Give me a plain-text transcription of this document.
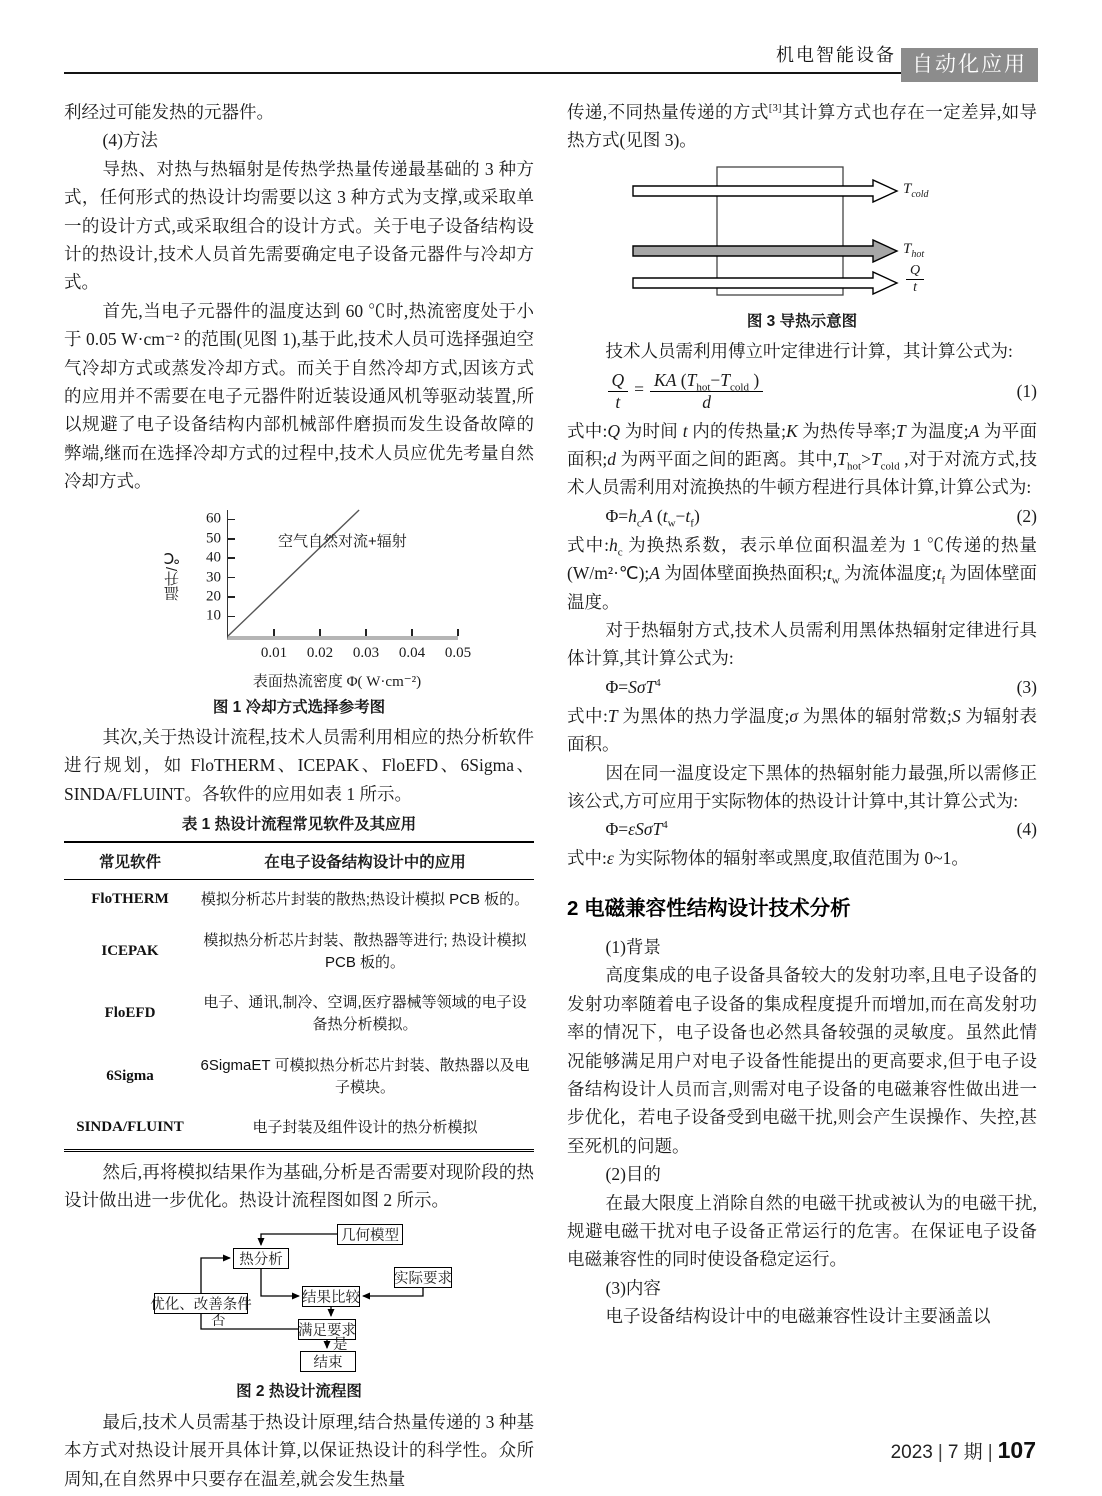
机电智能设备 自动化应用

利经过可能发热的元器件。

(4)方法

导热、对热与热辐射是传热学热量传递最基础的 3 种方式，任何形式的热设计均需要以这 3 种方式为支撑,或采取单一的设计方式,或采取组合的设计方式。关于电子设备结构设计的热设计,技术人员首先需要确定电子设备元器件与冷却方式。

首先,当电子元器件的温度达到 60 ℃时,热流密度处于小于 0.05 W·cm⁻² 的范围(见图 1),基于此,技术人员可选择强迫空气冷却方式或蒸发冷却方式。而关于自然冷却方式,因该方式的应用并不需要在电子元器件附近装设通风机等驱动装置,所以规避了电子设备结构内部机械部件磨损而发生设备故障的弊端,继而在选择冷却方式的过程中,技术人员应优先考量自然冷却方式。

温升/℃
空气自然对流+辐射
10
20
30
40
50
60
0.01 0.02 0.03 0.04 0.05
表面热流密度 Φ( W·cm⁻²)

图 1 冷却方式选择参考图

其次,关于热设计流程,技术人员需利用相应的热分析软件进行规划，如 FloTHERM、ICEPAK、FloEFD、6Sigma、SINDA/FLUINT。各软件的应用如表 1 所示。

表 1 热设计流程常见软件及其应用

常见软件	在电子设备结构设计中的应用
FloTHERM	模拟分析芯片封装的散热;热设计模拟 PCB 板的。
ICEPAK	模拟热分析芯片封装、散热器等进行; 热设计模拟 PCB 板的。
FloEFD	电子、通讯,制冷、空调,医疗器械等领域的电子设备热分析模拟。
6Sigma	6SigmaET 可模拟热分析芯片封装、散热器以及电子模块。
SINDA/FLUINT	电子封装及组件设计的热分析模拟

然后,再将模拟结果作为基础,分析是否需要对现阶段的热设计做出进一步优化。热设计流程图如图 2 所示。

几何模型
热分析
实际要求
结果比较
优化、改善条件
满足要求
结束
否
是

图 2 热设计流程图

最后,技术人员需基于热设计原理,结合热量传递的 3 种基本方式对热设计展开具体计算,以保证热设计的科学性。众所周知,在自然界中只要存在温差,就会发生热量

传递,不同热量传递的方式[3]其计算方式也存在一定差异,如导热方式(见图 3)。

$T_{cold}$
$T_{hot}$
$\frac{Q}{t}$

图 3 导热示意图

技术人员需利用傅立叶定律进行计算，其计算公式为:

$\frac{Q}{t} = \frac{KA (T_{hot}-T_{cold} )}{d}$	(1)

式中:Q 为时间 t 内的传热量;K 为热传导率;T 为温度;A 为平面面积;d 为两平面之间的距离。其中$,T_{hot}>T_{cold}$ ,对于对流方式,技术人员需利用对流换热的牛顿方程进行具体计算,计算公式为:

$\Phi=h_cA$ $(t_w-t_f)$	(2)

式中$:h_c$ 为换热系数，表示单位面积温差为 1 ℃传递的热量(W/m²·℃);A 为固体壁面换热面积$;t_w$ 为流体温度$;t_f$ 为固体壁面温度。

对于热辐射方式,技术人员需利用黑体热辐射定律进行具体计算,其计算公式为:

Φ=SσT$^4$	(3)

式中:T 为黑体的热力学温度;σ 为黑体的辐射常数;S 为辐射表面积。

因在同一温度设定下黑体的热辐射能力最强,所以需修正该公式,方可应用于实际物体的热设计计算中,其计算公式为:

Φ=εSσT$^4$	(4)

式中:ε 为实际物体的辐射率或黑度,取值范围为 0~1。

2 电磁兼容性结构设计技术分析

(1)背景

高度集成的电子设备具备较大的发射功率,且电子设备的发射功率随着电子设备的集成程度提升而增加,而在高发射功率的情况下，电子设备也必然具备较强的灵敏度。虽然此情况能够满足用户对电子设备性能提出的更高要求,但于电子设备结构设计人员而言,则需对电子设备的电磁兼容性做出进一步优化，若电子设备受到电磁干扰,则会产生误操作、失控,甚至死机的问题。

(2)目的

在最大限度上消除自然的电磁干扰或被认为的电磁干扰,规避电磁干扰对电子设备正常运行的危害。在保证电子设备电磁兼容性的同时使设备稳定运行。

(3)内容

电子设备结构设计中的电磁兼容性设计主要涵盖以

2023 | 7 期 | 107
